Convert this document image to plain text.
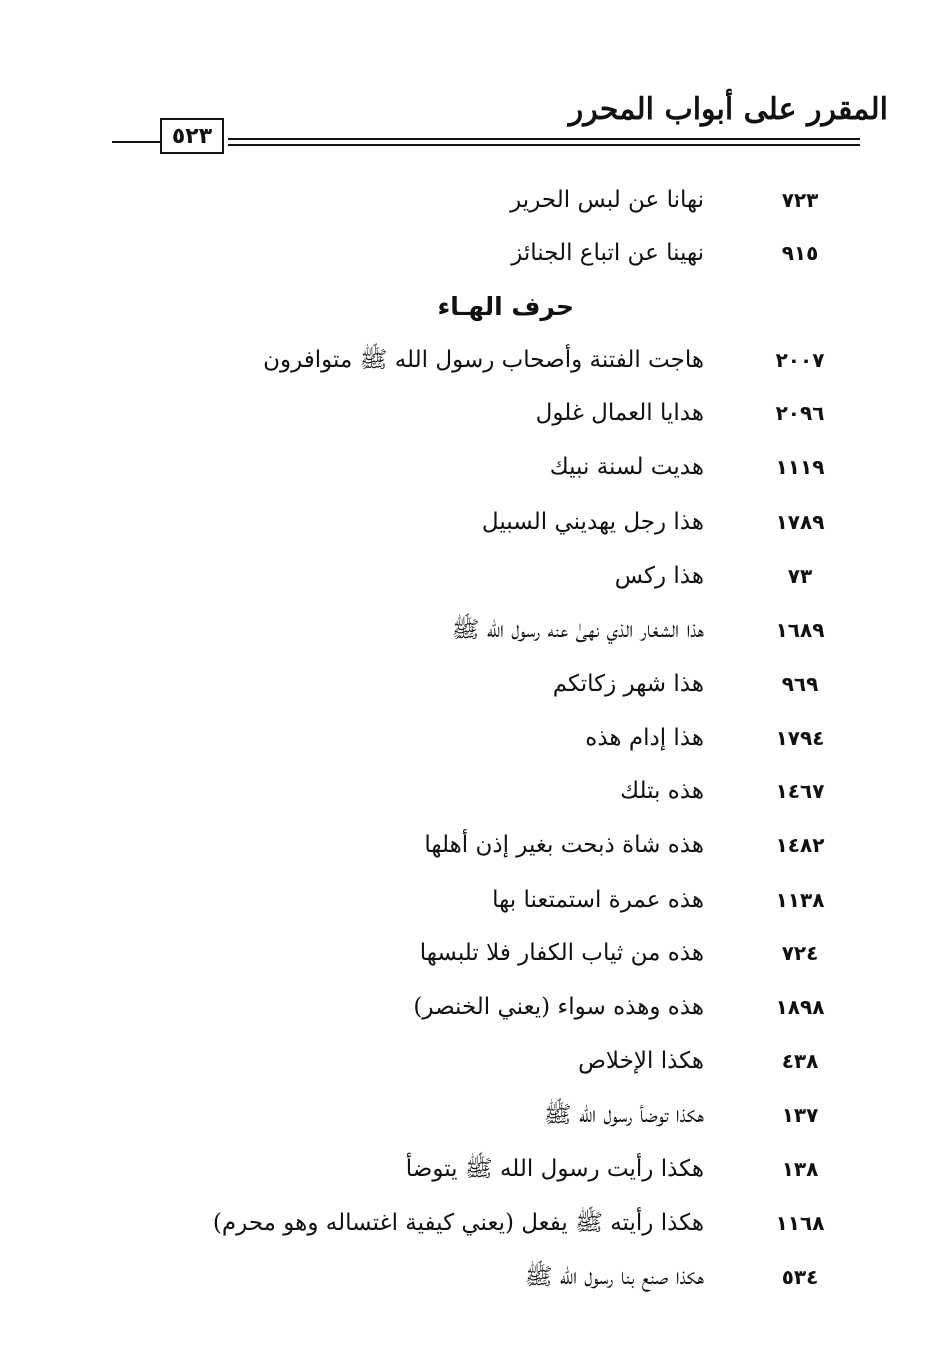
المقرر على أبواب المحرر
٥٢٣
نهانا عن لبس الحرير	٧٢٣
نهينا عن اتباع الجنائز	٩١٥
حرف الهـاء
هاجت الفتنة وأصحاب رسول الله ﷺ متوافرون	٢٠٠٧
هدايا العمال غلول	٢٠٩٦
هديت لسنة نبيك	١١١٩
هذا رجل يهديني السبيل	١٧٨٩
هذا ركس	٧٣
هذا الشغار الذي نهىٰ عنه رسول الله ﷺ	١٦٨٩
هذا شهر زكاتكم	٩٦٩
هذا إدام هذه	١٧٩٤
هذه بتلك	١٤٦٧
هذه شاة ذبحت بغير إذن أهلها	١٤٨٢
هذه عمرة استمتعنا بها	١١٣٨
هذه من ثياب الكفار فلا تلبسها	٧٢٤
هذه وهذه سواء (يعني الخنصر)	١٨٩٨
هكذا الإخلاص	٤٣٨
هكذا توضأ رسول الله ﷺ	١٣٧
هكذا رأيت رسول الله ﷺ يتوضأ	١٣٨
هكذا رأيته ﷺ يفعل (يعني كيفية اغتساله وهو محرم)	١١٦٨
هكذا صنع بنا رسول الله ﷺ	٥٣٤
